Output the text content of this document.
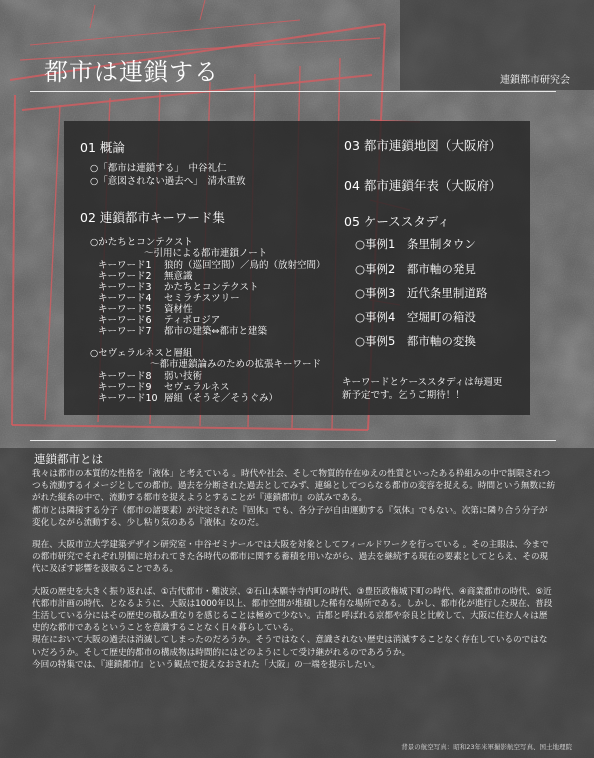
都市は連鎖する	連鎖都市研究会
01 概論
○「都市は連鎖する」　中谷礼仁
○「意図されない過去へ」　清水重敦
02 連鎖都市キーワード集
○かたちとコンテクスト
〜引用による都市連鎖ノート
キーワード1 狼的（巡回空間）／鳥的（放射空間）
キーワード2 無意識
キーワード3 かたちとコンテクスト
キーワード4 セミラチスツリー
キーワード5 資材性
キーワード6 ティポロジア
キーワード7 都市の建築⇔都市と建築
○セヴェラルネスと層組
〜都市連鎖論みのための拡張キーワード
キーワード8 弱い技術
キーワード9 セヴェラルネス
キーワード10 層組（そうそ／そうぐみ）
03 都市連鎖地図（大阪府）
04 都市連鎖年表（大阪府）
05 ケーススタディ
○事例1　 条里制タウン
○事例2　 都市軸の発見
○事例3　 近代条里制道路
○事例4　 空堀町の箱没
○事例5　 都市軸の変換
キーワードとケーススタディは毎週更新予定です。乞うご期待！！
連鎖都市とは

我々は都市の本質的な性格を「液体」と考えている 。時代や社会、そして物質的存在ゆえの性質といったある枠組みの中で制限されつつも流動するイメージとしての都市。過去を分断された過去としてみず、連綿としてつらなる都市の変容を捉える。時間という無数に紡がれた縦糸の中で、流動する都市を捉えようとすることが『連鎖都市』の試みである。

都市とは隣接する分子（都市の諸要素）が決定された『固体』でも、各分子が自由運動する『気体』でもない。次第に隣り合う分子が変化しながら流動する、少し粘り気のある『液体』なのだ。

現在、大阪市立大学建築デザイン研究室・中谷ゼミナールでは大阪を対象としてフィールドワークを行っている 。その主眼は、今までの都市研究でそれぞれ別個に培われてきた各時代の都市に関する蓄積を用いながら、過去を継続する現在の要素としてとらえ、その現代に及ぼす影響を汲取ることである。

大阪の歴史を大きく振り返れば、①古代都市・難波京、②石山本願寺寺内町の時代、③豊臣政権城下町の時代、④商業都市の時代、⑤近代都市計画の時代、となるように、大阪は1000年以上、都市空間が堆積した稀有な場所である。しかし、都市化が進行した現在、普段生活している分にはその歴史の積み重なりを感じることは極めて少ない。古都と呼ばれる京都や奈良と比較して、大阪に住む人々は歴史的な都市であるということを意識することなく日々暮らしている。

現在において大阪の過去は消滅してしまったのだろうか。そうではなく、意識されない歴史は消滅することなく存在しているのではないだろうか。そして歴史的都市の構成物は時間的にはどのようにして受け継がれるのであろうか。

今回の特集では、『連鎖都市』という観点で捉えなおされた「大阪」の一端を提示したい。

背景の航空写真：昭和23年米軍撮影航空写真、国土地理院
